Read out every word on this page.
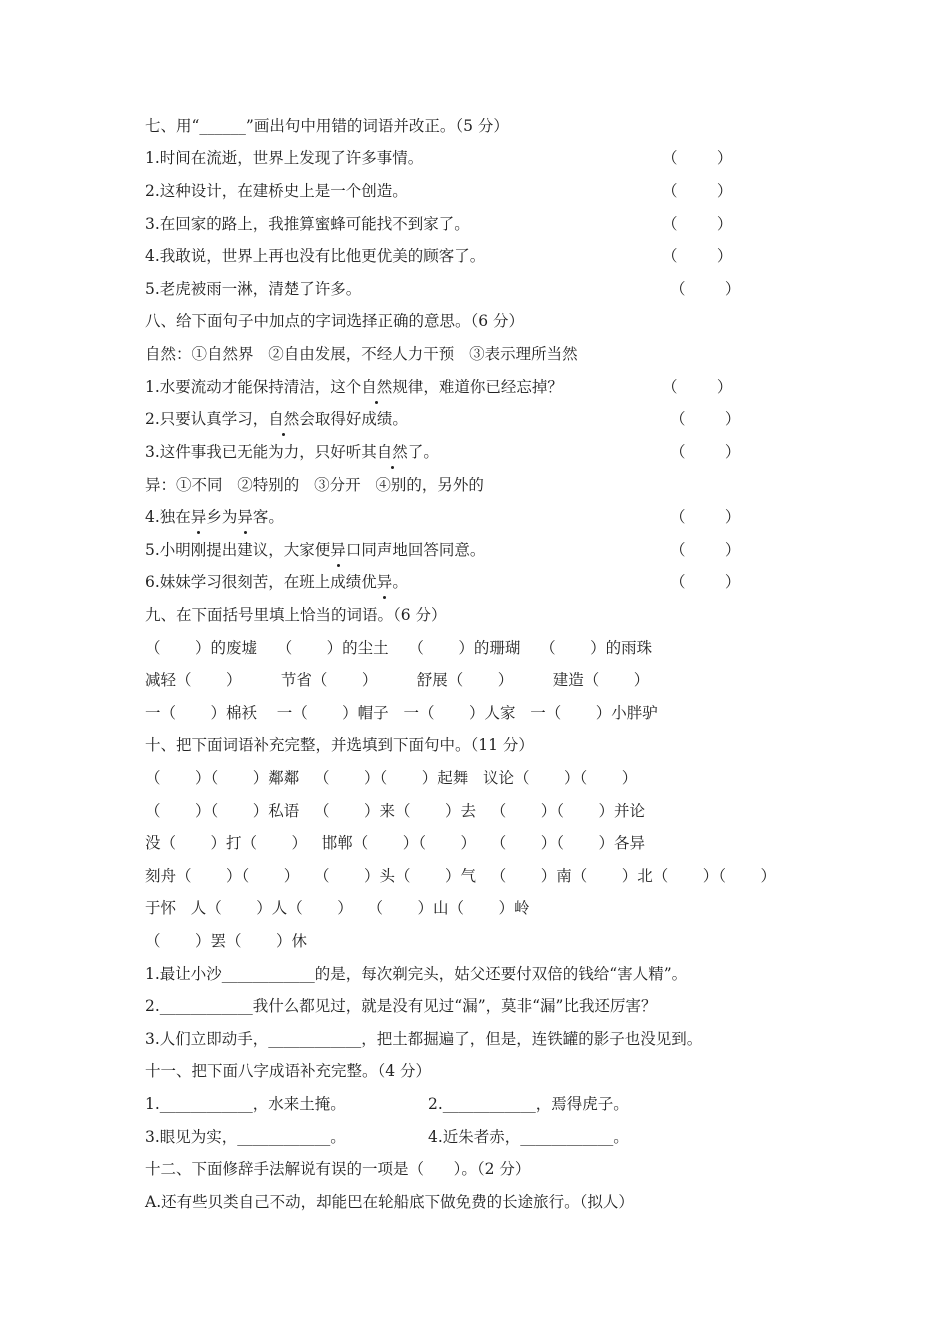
七、用“______”画出句中用错的词语并改正。（5 分）
1.时间在流逝，世界上发现了许多事情。	（        ）
2.这种设计，在建桥史上是一个创造。	（        ）
3.在回家的路上，我推算蜜蜂可能找不到家了。	（        ）
4.我敢说，世界上再也没有比他更优美的顾客了。	（        ）
5.老虎被雨一淋，清楚了许多。	（        ）
八、给下面句子中加点的字词选择正确的意思。（6 分）
自然：①自然界   ②自由发展，不经人力干预   ③表示理所当然
1.水要流动才能保持清洁，这个自然规律，难道你已经忘掉？	（        ）
2.只要认真学习，自然会取得好成绩。	（        ）
3.这件事我已无能为力，只好听其自然了。	（        ）
异：①不同   ②特别的   ③分开   ④别的，另外的
4.独在异乡为异客。	（        ）
5.小明刚提出建议，大家便异口同声地回答同意。	（        ）
6.妹妹学习很刻苦，在班上成绩优异。	（        ）
九、在下面括号里填上恰当的词语。（6 分）
（       ）的废墟    （       ）的尘土    （       ）的珊瑚    （       ）的雨珠
减轻（       ）        节省（       ）        舒展（       ）        建造（       ）
一（       ）棉袄    一（       ）帽子   一（       ）人家   一（       ）小胖驴
十、把下面词语补充完整，并选填到下面句中。（11 分）
（       ）（       ）鄰鄰   （       ）（       ）起舞   议论（       ）（       ）
（       ）（       ）私语   （       ）来（       ）去   （       ）（       ）并论
没（       ）打（       ）   邯郸（       ）（       ）   （       ）（       ）各异
刻舟（       ）（       ）   （       ）头（       ）气   （       ）南（       ）北（       ）（       ）
于怀   人（       ）人（       ）   （       ）山（       ）岭
（       ）罢（       ）休
1.最让小沙____________的是，每次剃完头，姑父还要付双倍的钱给“害人精”。
2.____________我什么都见过，就是没有见过“漏”，莫非“漏”比我还厉害？
3.人们立即动手，____________，把土都掘遍了，但是，连铁罐的影子也没见到。
十一、把下面八字成语补充完整。（4 分）
1.____________，水来土掩。	2.____________，焉得虎子。
3.眼见为实，____________。	4.近朱者赤，____________。
十二、下面修辞手法解说有误的一项是（      ）。（2 分）
A.还有些贝类自己不动，却能巴在轮船底下做免费的长途旅行。（拟人）
